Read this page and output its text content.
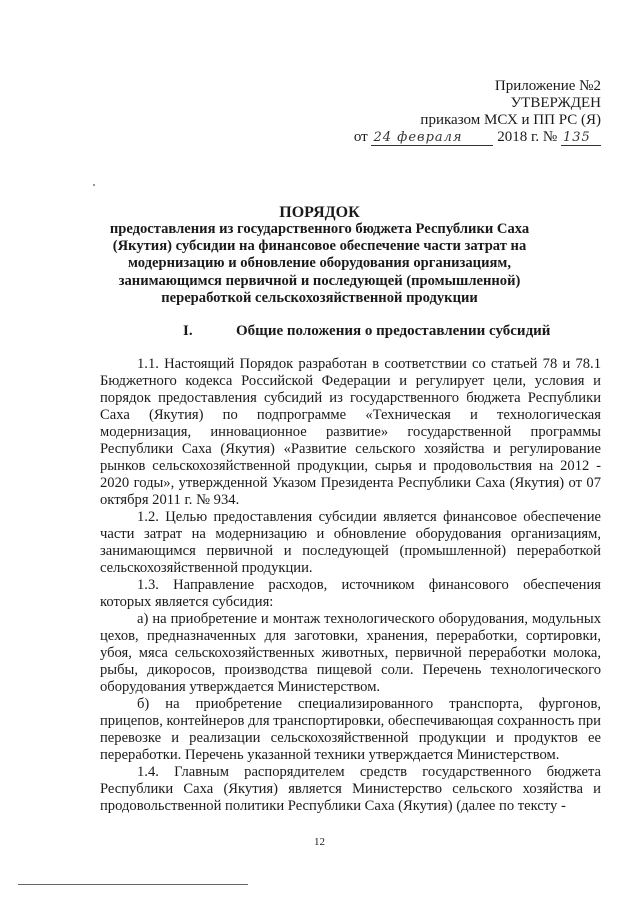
Приложение №2
УТВЕРЖДЕН
приказом МСХ и ПП РС (Я)
от 24 февраля 2018 г. № 135
ПОРЯДОК
предоставления из государственного бюджета Республики Саха
(Якутия) субсидии на финансовое обеспечение части затрат на
модернизацию и обновление оборудования организациям,
занимающимся первичной и последующей (промышленной)
переработкой сельскохозяйственной продукции
I.	Общие положения о предоставлении субсидий

1.1. Настоящий Порядок разработан в соответствии со статьей 78 и 78.1 Бюджетного кодекса Российской Федерации и регулирует цели, условия и порядок предоставления субсидий из государственного бюджета Республики Саха (Якутия) по подпрограмме «Техническая и технологическая модернизация, инновационное развитие» государственной программы Республики Саха (Якутия) «Развитие сельского хозяйства и регулирование рынков сельскохозяйственной продукции, сырья и продовольствия на 2012 - 2020 годы», утвержденной Указом Президента Республики Саха (Якутия) от 07 октября 2011 г. № 934.

1.2. Целью предоставления субсидии является финансовое обеспечение части затрат на модернизацию и обновление оборудования организациям, занимающимся первичной и последующей (промышленной) переработкой сельскохозяйственной продукции.

1.3. Направление расходов, источником финансового обеспечения которых является субсидия:

а) на приобретение и монтаж технологического оборудования, модульных цехов, предназначенных для заготовки, хранения, переработки, сортировки, убоя, мяса сельскохозяйственных животных, первичной переработки молока, рыбы, дикоросов, производства пищевой соли. Перечень технологического оборудования утверждается Министерством.

б) на приобретение специализированного транспорта, фургонов, прицепов, контейнеров для транспортировки, обеспечивающая сохранность при перевозке и реализации сельскохозяйственной продукции и продуктов ее переработки. Перечень указанной техники утверждается Министерством.

1.4. Главным распорядителем средств государственного бюджета Республики Саха (Якутия) является Министерство сельского хозяйства и продовольственной политики Республики Саха (Якутия) (далее по тексту -

12
